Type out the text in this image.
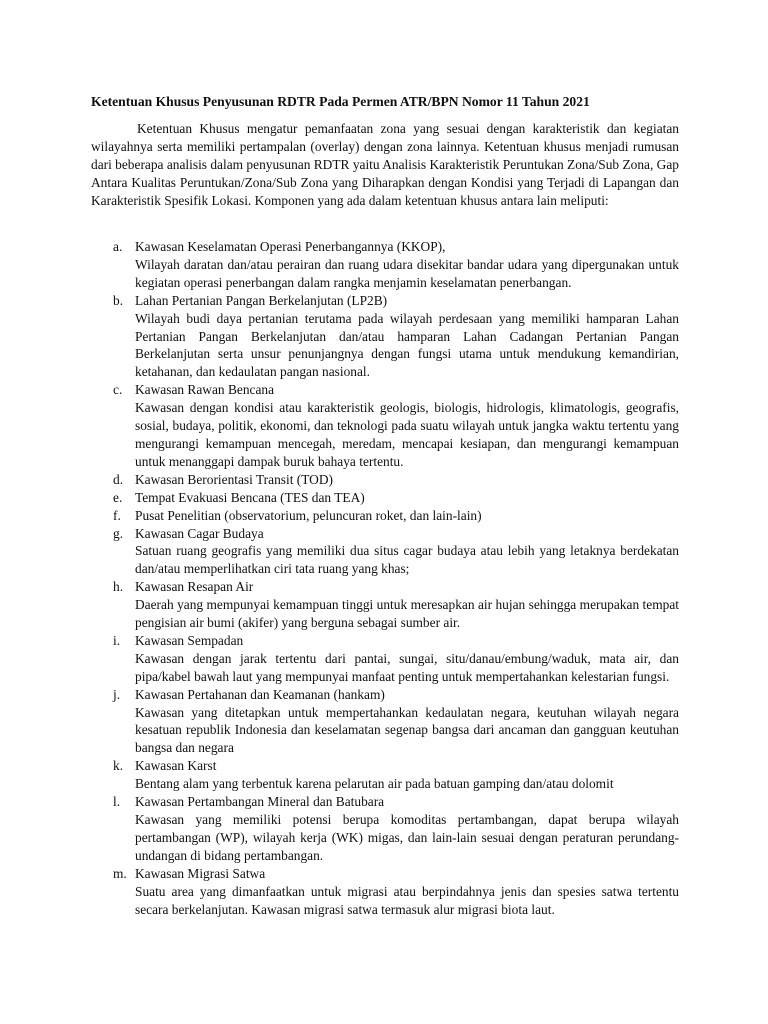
Ketentuan Khusus Penyusunan RDTR Pada Permen ATR/BPN Nomor 11 Tahun 2021

Ketentuan Khusus mengatur pemanfaatan zona yang sesuai dengan karakteristik dan kegiatan wilayahnya serta memiliki pertampalan (overlay) dengan zona lainnya. Ketentuan khusus menjadi rumusan dari beberapa analisis dalam penyusunan RDTR yaitu Analisis Karakteristik Peruntukan Zona/Sub Zona, Gap Antara Kualitas Peruntukan/Zona/Sub Zona yang Diharapkan dengan Kondisi yang Terjadi di Lapangan dan Karakteristik Spesifik Lokasi. Komponen yang ada dalam ketentuan khusus antara lain meliputi:

a. Kawasan Keselamatan Operasi Penerbangannya (KKOP),
Wilayah daratan dan/atau perairan dan ruang udara disekitar bandar udara yang dipergunakan untuk kegiatan operasi penerbangan dalam rangka menjamin keselamatan penerbangan.
b. Lahan Pertanian Pangan Berkelanjutan (LP2B)
Wilayah budi daya pertanian terutama pada wilayah perdesaan yang memiliki hamparan Lahan Pertanian Pangan Berkelanjutan dan/atau hamparan Lahan Cadangan Pertanian Pangan Berkelanjutan serta unsur penunjangnya dengan fungsi utama untuk mendukung kemandirian, ketahanan, dan kedaulatan pangan nasional.
c. Kawasan Rawan Bencana
Kawasan dengan kondisi atau karakteristik geologis, biologis, hidrologis, klimatologis, geografis, sosial, budaya, politik, ekonomi, dan teknologi pada suatu wilayah untuk jangka waktu tertentu yang mengurangi kemampuan mencegah, meredam, mencapai kesiapan, dan mengurangi kemampuan untuk menanggapi dampak buruk bahaya tertentu.
d. Kawasan Berorientasi Transit (TOD)
e. Tempat Evakuasi Bencana (TES dan TEA)
f. Pusat Penelitian (observatorium, peluncuran roket, dan lain-lain)
g. Kawasan Cagar Budaya
Satuan ruang geografis yang memiliki dua situs cagar budaya atau lebih yang letaknya berdekatan dan/atau memperlihatkan ciri tata ruang yang khas;
h. Kawasan Resapan Air
Daerah yang mempunyai kemampuan tinggi untuk meresapkan air hujan sehingga merupakan tempat pengisian air bumi (akifer) yang berguna sebagai sumber air.
i. Kawasan Sempadan
Kawasan dengan jarak tertentu dari pantai, sungai, situ/danau/embung/waduk, mata air, dan pipa/kabel bawah laut yang mempunyai manfaat penting untuk mempertahankan kelestarian fungsi.
j. Kawasan Pertahanan dan Keamanan (hankam)
Kawasan yang ditetapkan untuk mempertahankan kedaulatan negara, keutuhan wilayah negara kesatuan republik Indonesia dan keselamatan segenap bangsa dari ancaman dan gangguan keutuhan bangsa dan negara
k. Kawasan Karst
Bentang alam yang terbentuk karena pelarutan air pada batuan gamping dan/atau dolomit
l. Kawasan Pertambangan Mineral dan Batubara
Kawasan yang memiliki potensi berupa komoditas pertambangan, dapat berupa wilayah pertambangan (WP), wilayah kerja (WK) migas, dan lain-lain sesuai dengan peraturan perundang-undangan di bidang pertambangan.
m. Kawasan Migrasi Satwa
Suatu area yang dimanfaatkan untuk migrasi atau berpindahnya jenis dan spesies satwa tertentu secara berkelanjutan. Kawasan migrasi satwa termasuk alur migrasi biota laut.
